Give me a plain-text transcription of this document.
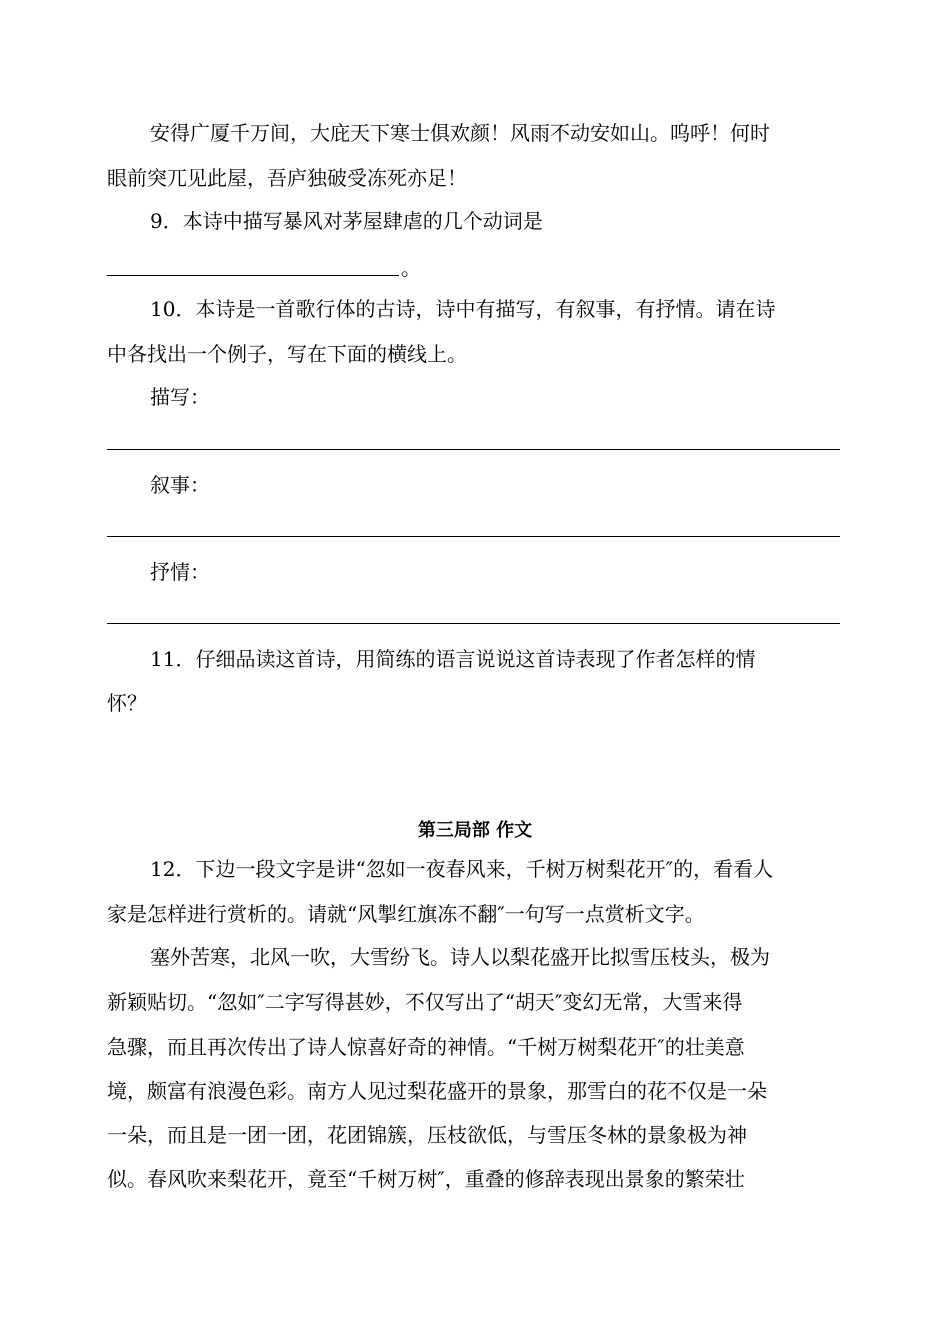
安得广厦千万间，大庇天下寒士俱欢颜！风雨不动安如山。呜呼！何时
眼前突兀见此屋，吾庐独破受冻死亦足！
9．本诗中描写暴风对茅屋肆虐的几个动词是
。
10．本诗是一首歌行体的古诗，诗中有描写，有叙事，有抒情。请在诗
中各找出一个例子，写在下面的横线上。
描写：
叙事：
抒情：
11．仔细品读这首诗，用简练的语言说说这首诗表现了作者怎样的情
怀？
第三局部 作文
12．下边一段文字是讲“忽如一夜春风来，千树万树梨花开″的，看看人
家是怎样进行赏析的。请就“风掣红旗冻不翻″一句写一点赏析文字。
塞外苦寒，北风一吹，大雪纷飞。诗人以梨花盛开比拟雪压枝头，极为
新颖贴切。“忽如″二字写得甚妙，不仅写出了“胡天″变幻无常，大雪来得
急骤，而且再次传出了诗人惊喜好奇的神情。“千树万树梨花开″的壮美意
境，颇富有浪漫色彩。南方人见过梨花盛开的景象，那雪白的花不仅是一朵
一朵，而且是一团一团，花团锦簇，压枝欲低，与雪压冬林的景象极为神
似。春风吹来梨花开，竟至“千树万树″，重叠的修辞表现出景象的繁荣壮
